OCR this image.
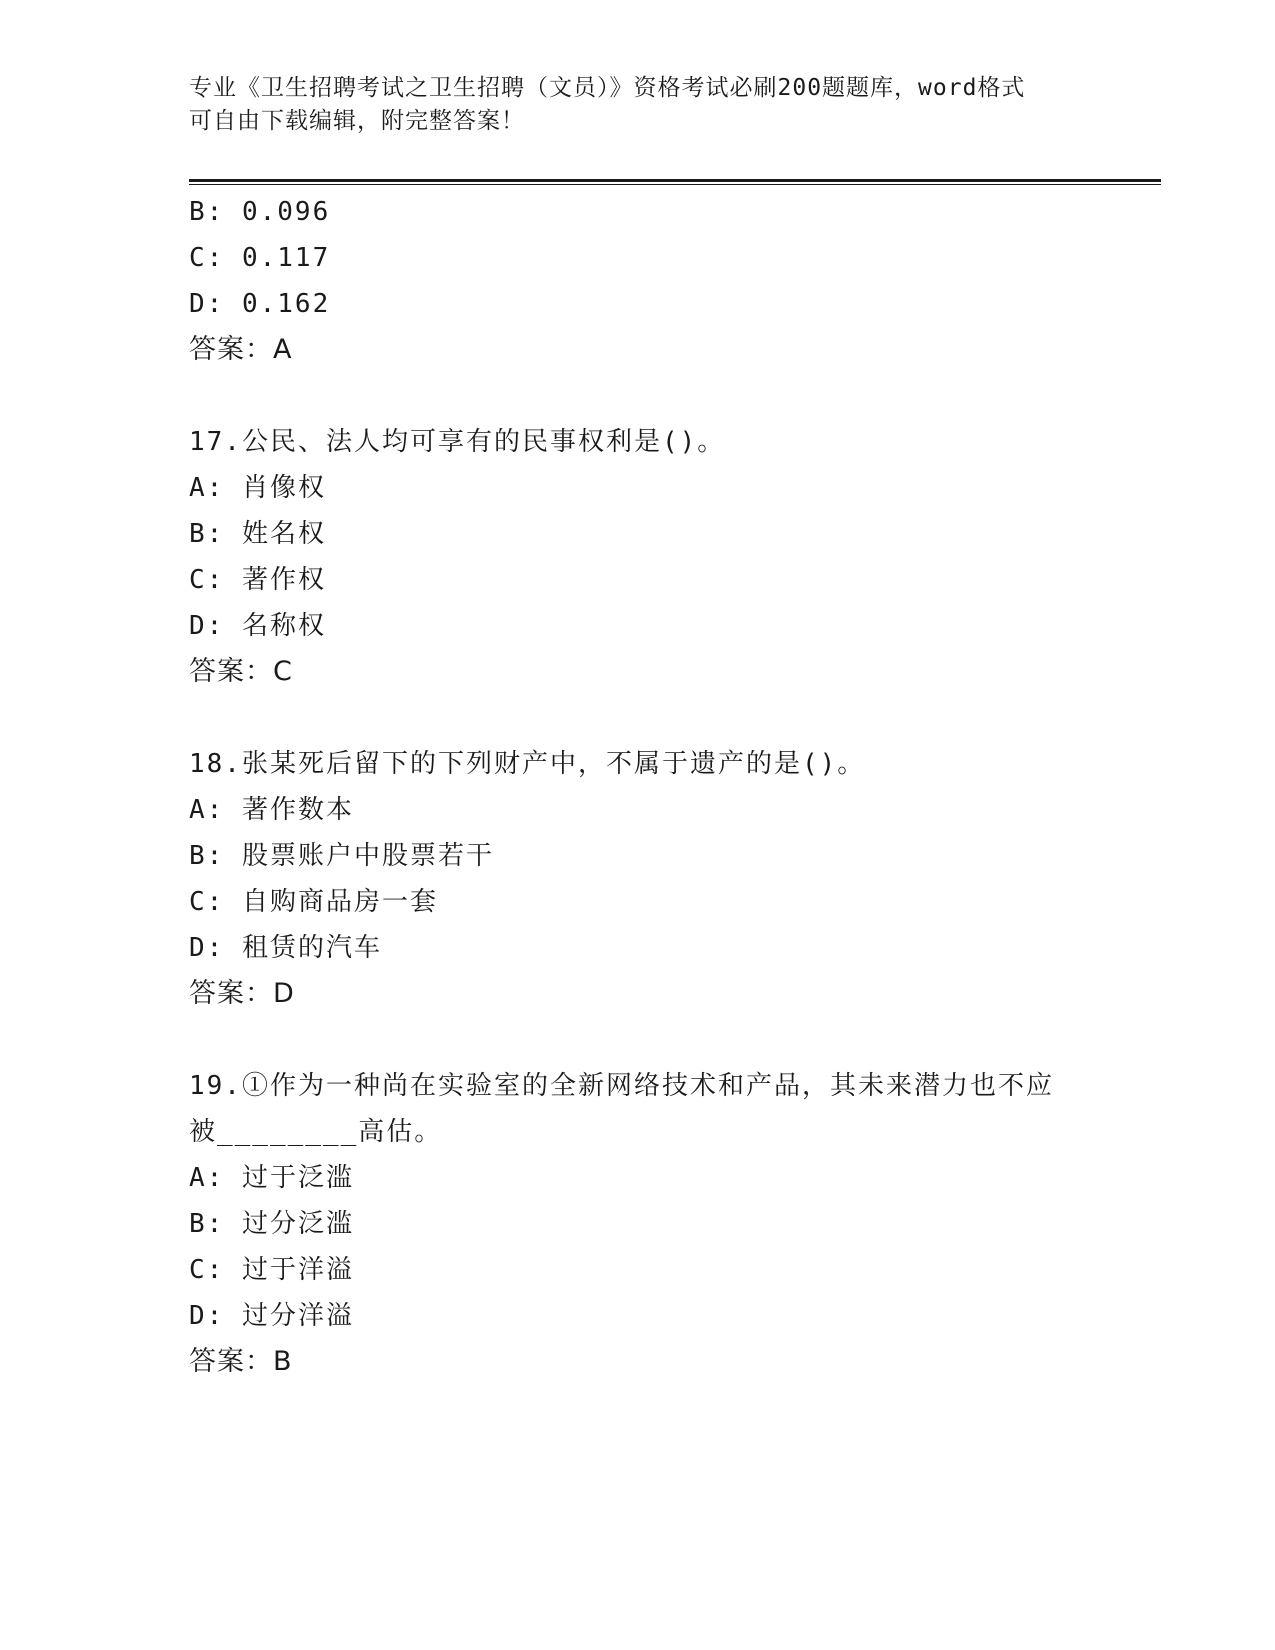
专业《卫生招聘考试之卫生招聘（文员）》资格考试必刷200题题库，word格式
可自由下载编辑，附完整答案！
B: 0.096
C: 0.117
D: 0.162
答案：A
17.公民、法人均可享有的民事权利是()。
A: 肖像权
B: 姓名权
C: 著作权
D: 名称权
答案：C
18.张某死后留下的下列财产中，不属于遗产的是()。
A: 著作数本
B: 股票账户中股票若干
C: 自购商品房一套
D: 租赁的汽车
答案：D
19.①作为一种尚在实验室的全新网络技术和产品，其未来潜力也不应
被________高估。
A: 过于泛滥
B: 过分泛滥
C: 过于洋溢
D: 过分洋溢
答案：B
